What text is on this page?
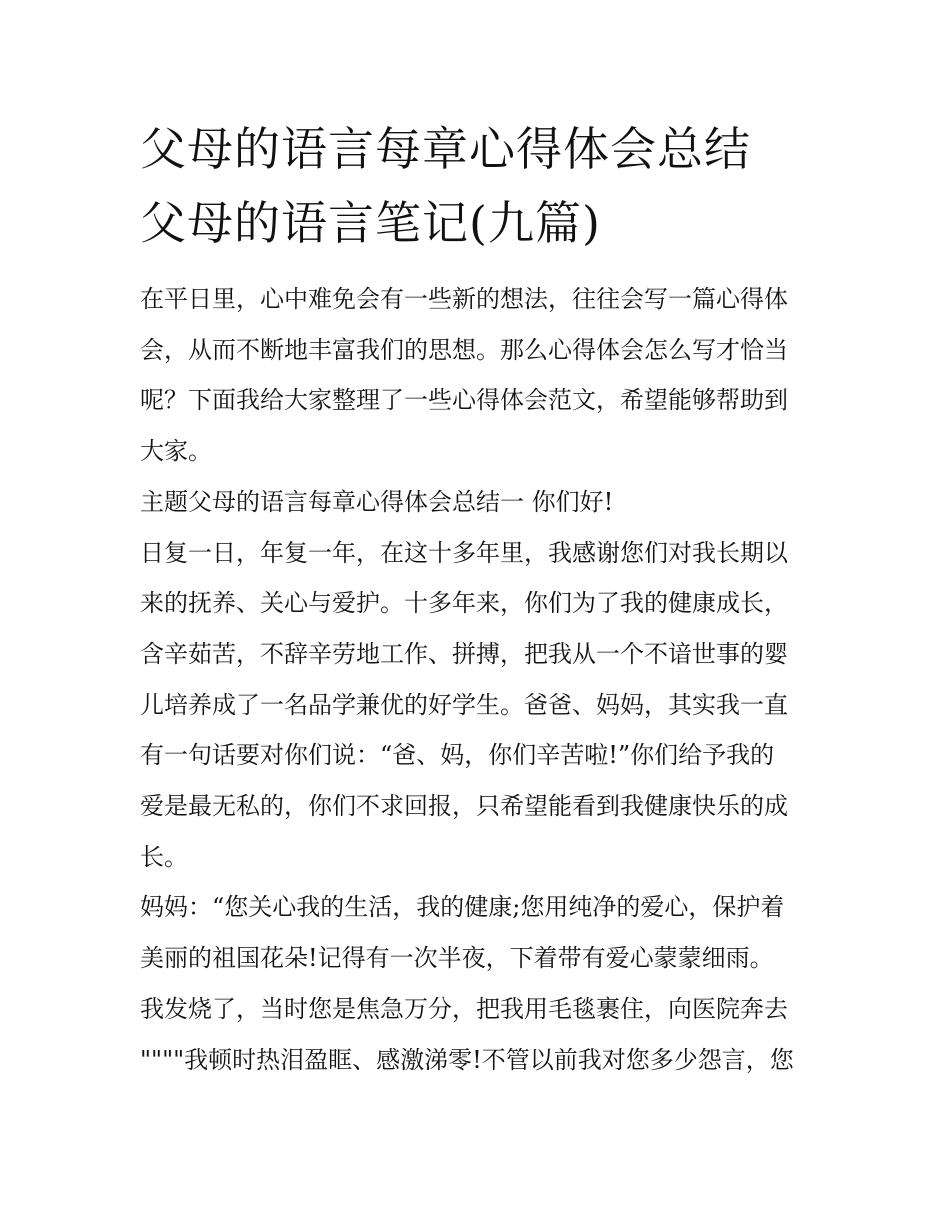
父母的语言每章心得体会总结
父母的语言笔记(九篇)

在平日里，心中难免会有一些新的想法，往往会写一篇心得体
会，从而不断地丰富我们的思想。那么心得体会怎么写才恰当
呢？下面我给大家整理了一些心得体会范文，希望能够帮助到
大家。

主题父母的语言每章心得体会总结一 你们好!

日复一日，年复一年，在这十多年里，我感谢您们对我长期以
来的抚养、关心与爱护。十多年来，你们为了我的健康成长，
含辛茹苦，不辞辛劳地工作、拼搏，把我从一个不谙世事的婴
儿培养成了一名品学兼优的好学生。爸爸、妈妈，其实我一直
有一句话要对你们说：“爸、妈，你们辛苦啦!”你们给予我的
爱是最无私的，你们不求回报，只希望能看到我健康快乐的成
长。

妈妈：“您关心我的生活，我的健康;您用纯净的爱心，保护着
美丽的祖国花朵!记得有一次半夜，下着带有爱心蒙蒙细雨。
我发烧了，当时您是焦急万分，把我用毛毯裹住，向医院奔去
""""我顿时热泪盈眶、感激涕零!不管以前我对您多少怨言，您
